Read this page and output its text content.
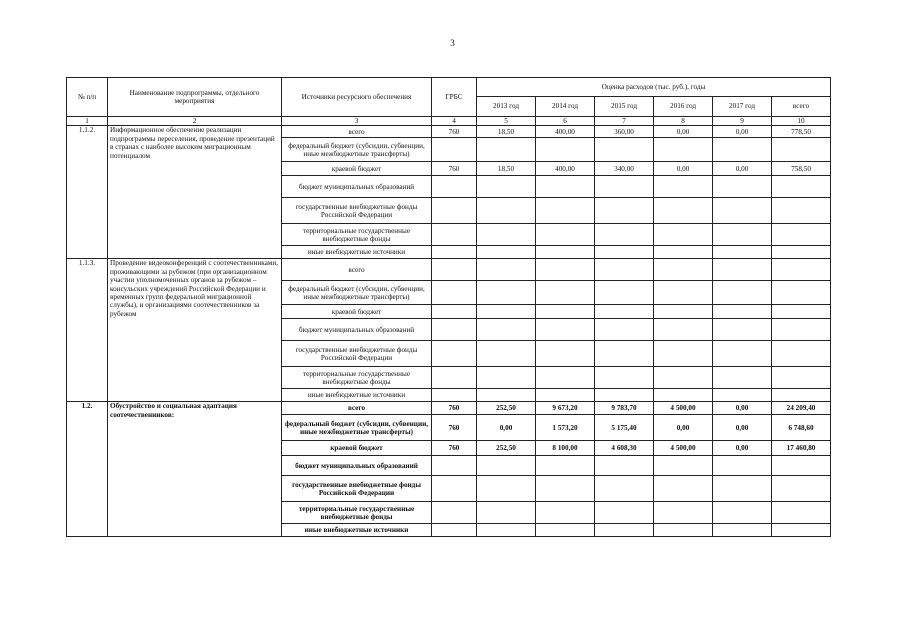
3
№ п/п	Наименование подпрограммы, отдельного мероприятия	Источники ресурсного обеспечения	ГРБС	Оценка расходов (тыс. руб.), годы					
				2013 год	2014 год	2015 год	2016 год	2017 год	всего
1	2	3	4	5	6	7	8	9	10
1.1.2.	Информационное обеспечение реализации подпрограммы переселения, проведение презентаций в странах с наиболее высоким миграционным потенциалом	всего	760	18,50	400,00	360,00	0,00	0,00	778,50
		федеральный бюджет (субсидии, субвенции, иные межбюджетные трансферты)							
		краевой бюджет	760	18,50	400,00	340,00	0,00	0,00	758,50
		бюджет муниципальных образований							
		государственные внебюджетные фонды Российской Федерации							
		территориальные государственные внебюджетные фонды							
		иные внебюджетные источники							
1.1.3.	Проведение видеоконференций с соотечественниками, проживающими за рубежом (при организационном участии уполномоченных органов за рубежом – консульских учреждений Российской Федерации и временных групп федеральной миграционной службы), и организациями соотечественников за рубежом	всего							
		федеральный бюджет (субсидии, субвенции, иные межбюджетные трансферты)							
		краевой бюджет							
		бюджет муниципальных образований							
		государственные внебюджетные фонды Российской Федерации							
		территориальные государственные внебюджетные фонды							
		иные внебюджетные источники							
1.2.	Обустройство и социальная адаптация соотечественников:	всего	760	252,50	9 673,20	9 783,70	4 500,00	0,00	24 209,40
		федеральный бюджет (субсидии, субвенции, иные межбюджетные трансферты)	760	0,00	1 573,20	5 175,40	0,00	0,00	6 748,60
		краевой бюджет	760	252,50	8 100,00	4 608,30	4 500,00	0,00	17 460,80
		бюджет муниципальных образований							
		государственные внебюджетные фонды Российской Федерации							
		территориальные государственные внебюджетные фонды							
		иные внебюджетные источники							
